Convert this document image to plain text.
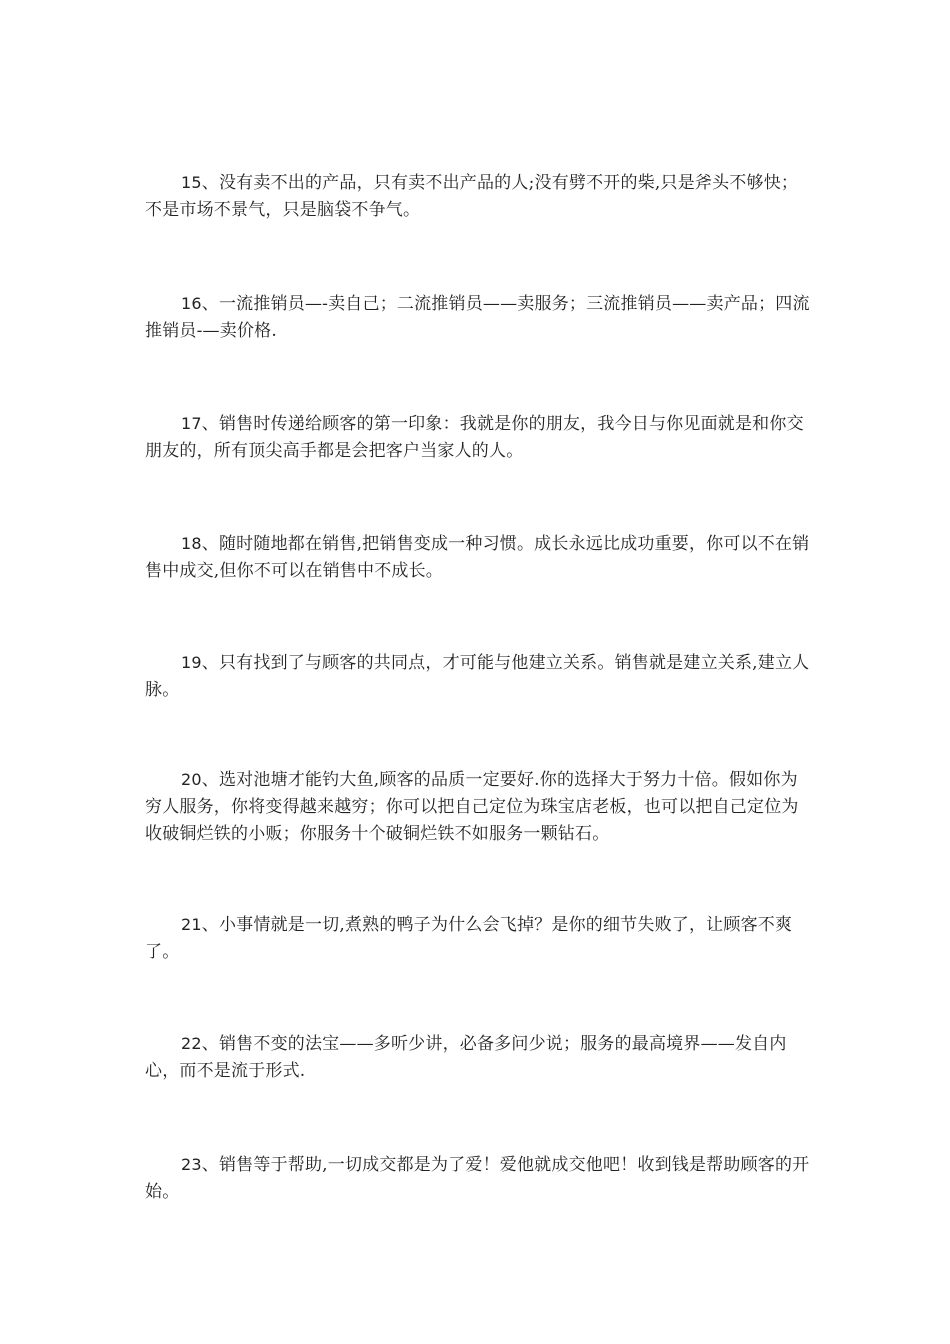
15、没有卖不出的产品，只有卖不出产品的人;没有劈不开的柴,只是斧头不够快；不是市场不景气，只是脑袋不争气。

16、一流推销员—-卖自己；二流推销员——卖服务；三流推销员——卖产品；四流推销员-—卖价格.

17、销售时传递给顾客的第一印象：我就是你的朋友，我今日与你见面就是和你交朋友的，所有顶尖高手都是会把客户当家人的人。

18、随时随地都在销售,把销售变成一种习惯。成长永远比成功重要，你可以不在销售中成交,但你不可以在销售中不成长。

19、只有找到了与顾客的共同点，才可能与他建立关系。销售就是建立关系,建立人脉。

20、选对池塘才能钓大鱼,顾客的品质一定要好.你的选择大于努力十倍。假如你为穷人服务，你将变得越来越穷；你可以把自己定位为珠宝店老板，也可以把自己定位为收破铜烂铁的小贩；你服务十个破铜烂铁不如服务一颗钻石。

21、小事情就是一切,煮熟的鸭子为什么会飞掉？是你的细节失败了，让顾客不爽了。

22、销售不变的法宝——多听少讲，必备多问少说；服务的最高境界——发自内心，而不是流于形式.

23、销售等于帮助,一切成交都是为了爱！爱他就成交他吧！收到钱是帮助顾客的开始。
